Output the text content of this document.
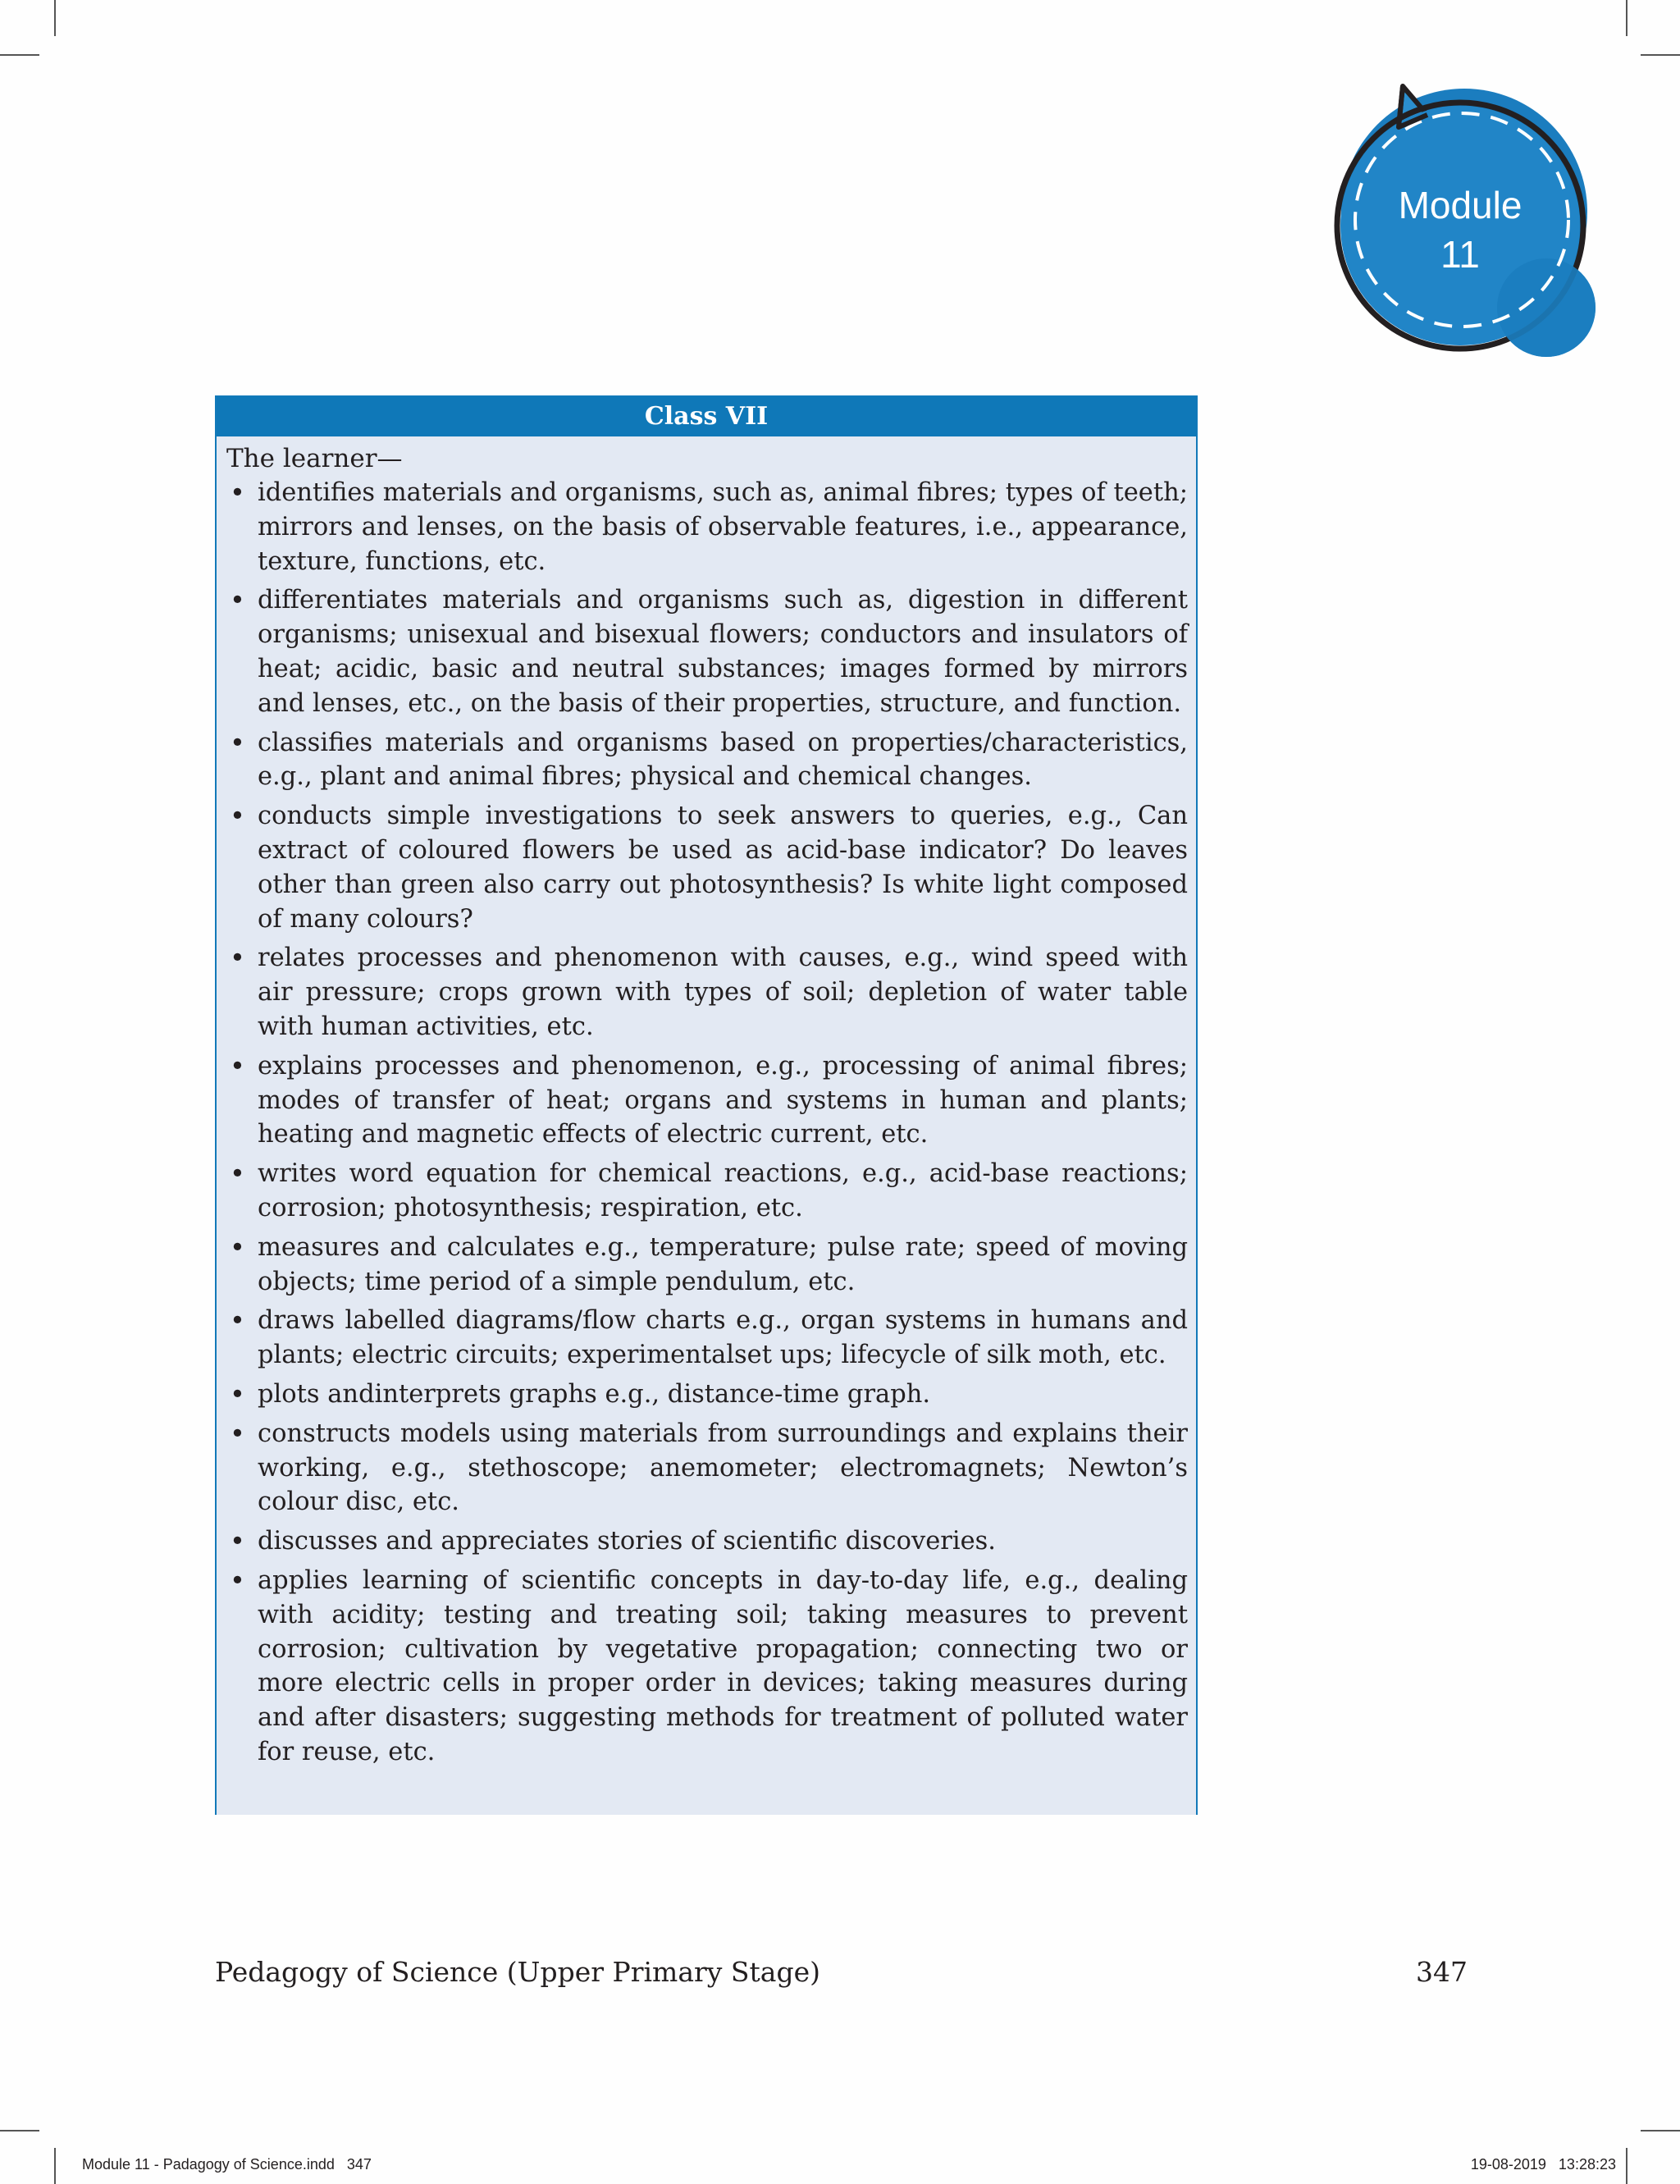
Module
11
Class VII
The learner—
• identifies materials and organisms, such as, animal fibres; types of teeth; mirrors and lenses, on the basis of observable features, i.e., appearance, texture, functions, etc.
• differentiates materials and organisms such as, digestion in different organisms; unisexual and bisexual flowers; conductors and insulators of heat; acidic, basic and neutral substances; images formed by mirrors and lenses, etc., on the basis of their properties, structure, and function.
• classifies materials and organisms based on properties/characteristics, e.g., plant and animal fibres; physical and chemical changes.
• conducts simple investigations to seek answers to queries, e.g., Can extract of coloured flowers be used as acid-base indicator? Do leaves other than green also carry out photosynthesis? Is white light composed of many colours?
• relates processes and phenomenon with causes, e.g., wind speed with air pressure; crops grown with types of soil; depletion of water table with human activities, etc.
• explains processes and phenomenon, e.g., processing of animal fibres; modes of transfer of heat; organs and systems in human and plants; heating and magnetic effects of electric current, etc.
• writes word equation for chemical reactions, e.g., acid-base reactions; corrosion; photosynthesis; respiration, etc.
• measures and calculates e.g., temperature; pulse rate; speed of moving objects; time period of a simple pendulum, etc.
• draws labelled diagrams/flow charts e.g., organ systems in humans and plants; electric circuits; experimentalset ups; lifecycle of silk moth, etc.
• plots andinterprets graphs e.g., distance-time graph.
• constructs models using materials from surroundings and explains their working, e.g., stethoscope; anemometer; electromagnets; Newton’s colour disc, etc.
• discusses and appreciates stories of scientific discoveries.
• applies learning of scientific concepts in day-to-day life, e.g., dealing with acidity; testing and treating soil; taking measures to prevent corrosion; cultivation by vegetative propagation; connecting two or more electric cells in proper order in devices; taking measures during and after disasters; suggesting methods for treatment of polluted water for reuse, etc.
Pedagogy of Science (Upper Primary Stage)	347
Module 11 - Padagogy of Science.indd   347	19-08-2019   13:28:23
